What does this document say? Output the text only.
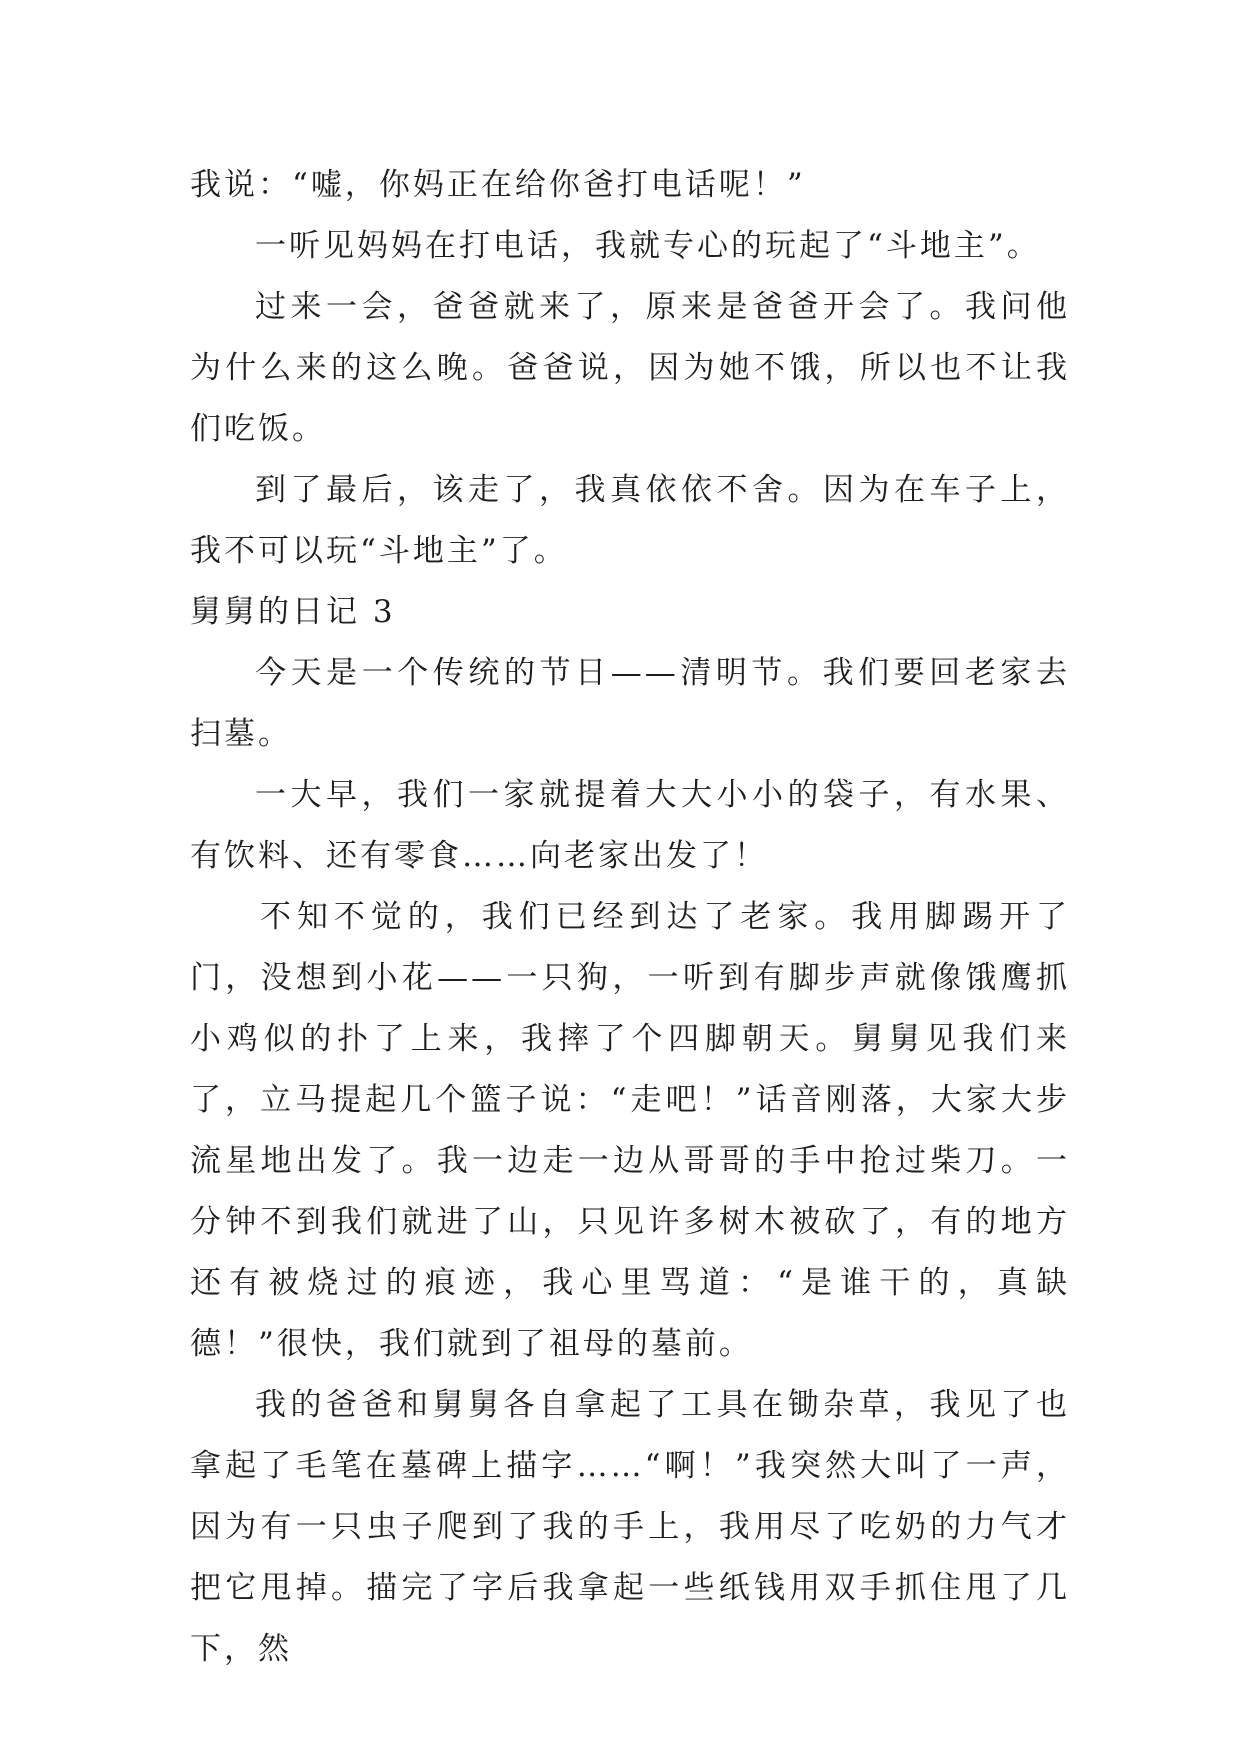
我说：“嘘，你妈正在给你爸打电话呢！”

一听见妈妈在打电话，我就专心的玩起了“斗地主”。

过来一会，爸爸就来了，原来是爸爸开会了。我问他为什么来的这么晚。爸爸说，因为她不饿，所以也不让我们吃饭。

到了最后，该走了，我真依依不舍。因为在车子上，我不可以玩“斗地主”了。

舅舅的日记 3

今天是一个传统的节日——清明节。我们要回老家去扫墓。

一大早，我们一家就提着大大小小的袋子，有水果、有饮料、还有零食……向老家出发了！

不知不觉的，我们已经到达了老家。我用脚踢开了门，没想到小花——一只狗，一听到有脚步声就像饿鹰抓小鸡似的扑了上来，我摔了个四脚朝天。舅舅见我们来了，立马提起几个篮子说：“走吧！”话音刚落，大家大步流星地出发了。我一边走一边从哥哥的手中抢过柴刀。一分钟不到我们就进了山，只见许多树木被砍了，有的地方还有被烧过的痕迹，我心里骂道：“是谁干的，真缺德！”很快，我们就到了祖母的墓前。

我的爸爸和舅舅各自拿起了工具在锄杂草，我见了也拿起了毛笔在墓碑上描字……“啊！”我突然大叫了一声，因为有一只虫子爬到了我的手上，我用尽了吃奶的力气才把它甩掉。描完了字后我拿起一些纸钱用双手抓住甩了几下，然
